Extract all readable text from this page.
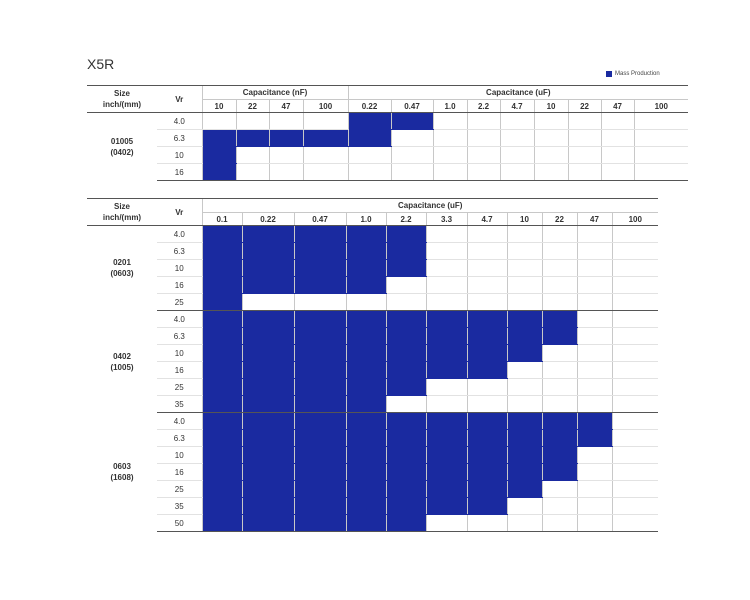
X5R
Mass Production
Size
inch/(mm)	Vr	Capacitance (nF)				Capacitance (uF)								
		10	22	47	100	0.22	0.47	1.0	2.2	4.7	10	22	47	100
01005
(0402)	4.0													
	6.3													
	10													
	16													
Size
inch/(mm)	Vr	Capacitance (uF)										
		0.1	0.22	0.47	1.0	2.2	3.3	4.7	10	22	47	100
0201
(0603)	4.0											
	6.3											
	10											
	16											
	25											
0402
(1005)	4.0											
	6.3											
	10											
	16											
	25											
	35											
0603
(1608)	4.0											
	6.3											
	10											
	16											
	25											
	35											
	50											
